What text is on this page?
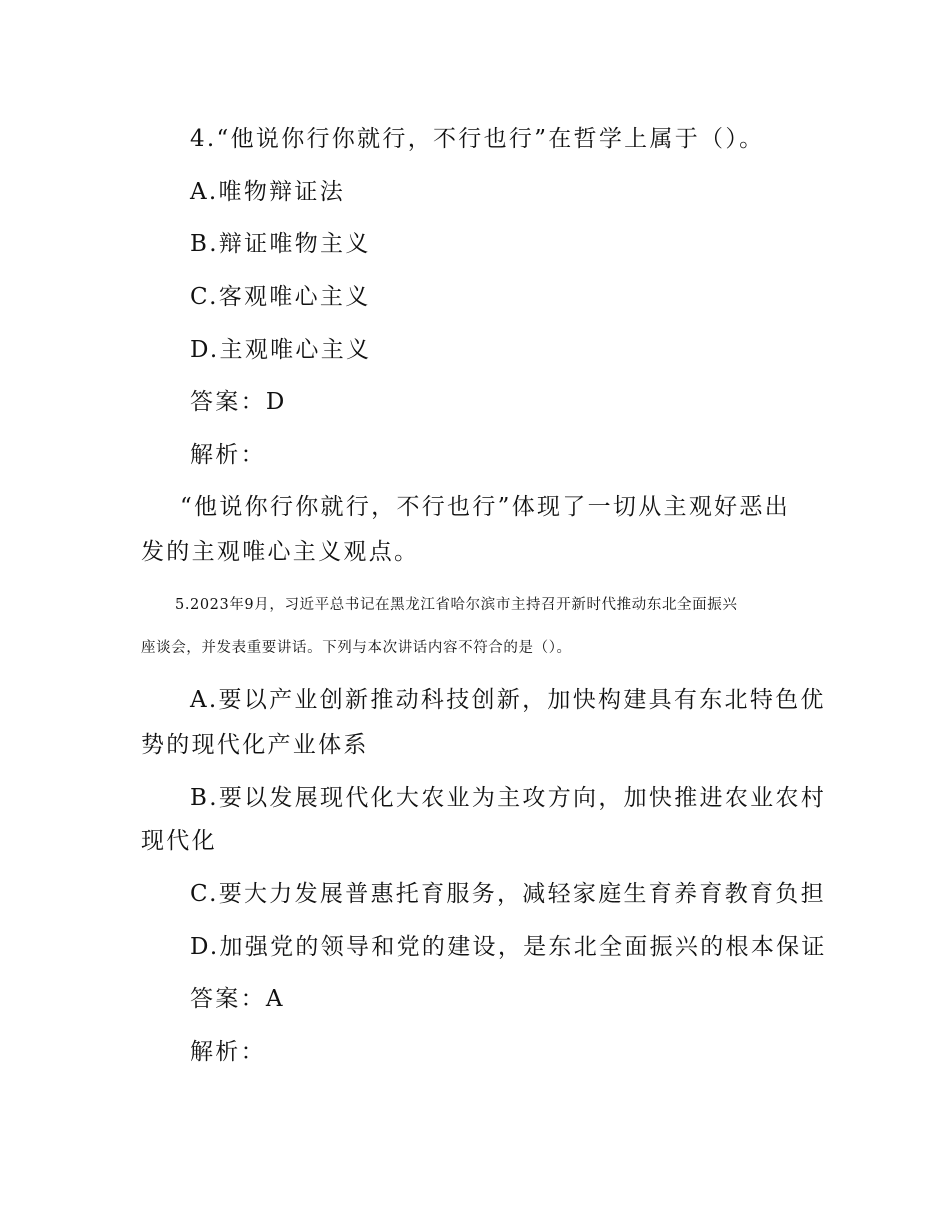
4.“他说你行你就行，不行也行”在哲学上属于（）。
A.唯物辩证法
B.辩证唯物主义
C.客观唯心主义
D.主观唯心主义
答案：D
解析：
“他说你行你就行，不行也行”体现了一切从主观好恶出
发的主观唯心主义观点。
5.2023年9月，习近平总书记在黑龙江省哈尔滨市主持召开新时代推动东北全面振兴
座谈会，并发表重要讲话。下列与本次讲话内容不符合的是（）。
A.要以产业创新推动科技创新，加快构建具有东北特色优
势的现代化产业体系
B.要以发展现代化大农业为主攻方向，加快推进农业农村
现代化
C.要大力发展普惠托育服务，减轻家庭生育养育教育负担
D.加强党的领导和党的建设，是东北全面振兴的根本保证
答案：A
解析：
